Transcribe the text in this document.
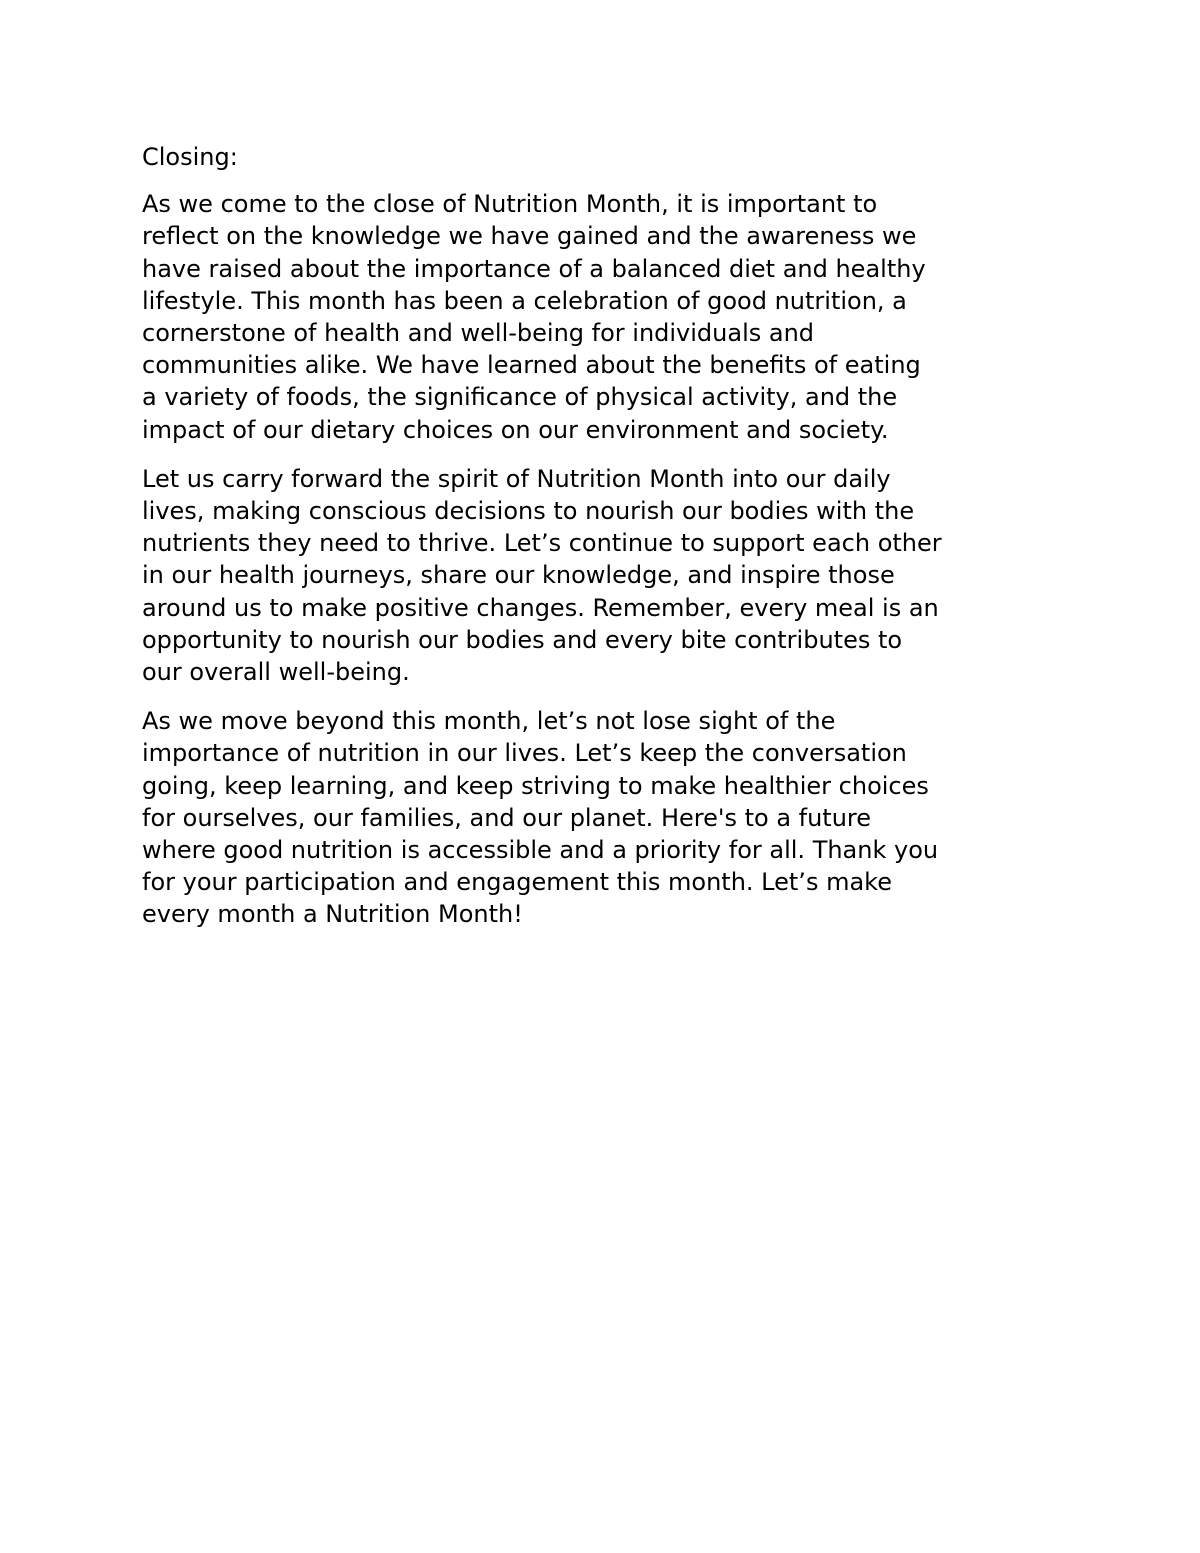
Closing:

As we come to the close of Nutrition Month, it is important to
reflect on the knowledge we have gained and the awareness we
have raised about the importance of a balanced diet and healthy
lifestyle. This month has been a celebration of good nutrition, a
cornerstone of health and well-being for individuals and
communities alike. We have learned about the benefits of eating
a variety of foods, the significance of physical activity, and the
impact of our dietary choices on our environment and society.

Let us carry forward the spirit of Nutrition Month into our daily
lives, making conscious decisions to nourish our bodies with the
nutrients they need to thrive. Let’s continue to support each other
in our health journeys, share our knowledge, and inspire those
around us to make positive changes. Remember, every meal is an
opportunity to nourish our bodies and every bite contributes to
our overall well-being.

As we move beyond this month, let’s not lose sight of the
importance of nutrition in our lives. Let’s keep the conversation
going, keep learning, and keep striving to make healthier choices
for ourselves, our families, and our planet. Here's to a future
where good nutrition is accessible and a priority for all. Thank you
for your participation and engagement this month. Let’s make
every month a Nutrition Month!
